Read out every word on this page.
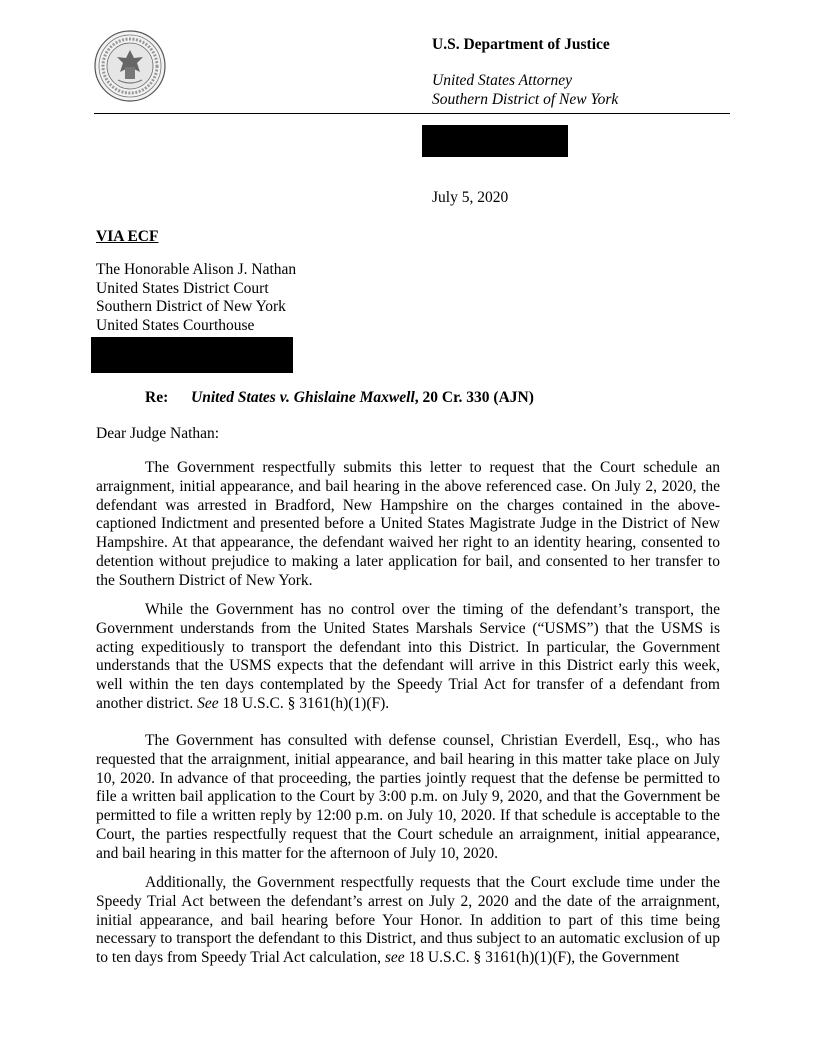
U.S. Department of Justice
United States Attorney
Southern District of New York
July 5, 2020
VIA ECF
The Honorable Alison J. Nathan
United States District Court
Southern District of New York
United States Courthouse
Re: United States v. Ghislaine Maxwell, 20 Cr. 330 (AJN)
Dear Judge Nathan:

The Government respectfully submits this letter to request that the Court schedule an arraignment, initial appearance, and bail hearing in the above referenced case. On July 2, 2020, the defendant was arrested in Bradford, New Hampshire on the charges contained in the above-captioned Indictment and presented before a United States Magistrate Judge in the District of New Hampshire. At that appearance, the defendant waived her right to an identity hearing, consented to detention without prejudice to making a later application for bail, and consented to her transfer to the Southern District of New York.

While the Government has no control over the timing of the defendant’s transport, the Government understands from the United States Marshals Service (“USMS”) that the USMS is acting expeditiously to transport the defendant into this District. In particular, the Government understands that the USMS expects that the defendant will arrive in this District early this week, well within the ten days contemplated by the Speedy Trial Act for transfer of a defendant from another district. See 18 U.S.C. § 3161(h)(1)(F).

The Government has consulted with defense counsel, Christian Everdell, Esq., who has requested that the arraignment, initial appearance, and bail hearing in this matter take place on July 10, 2020. In advance of that proceeding, the parties jointly request that the defense be permitted to file a written bail application to the Court by 3:00 p.m. on July 9, 2020, and that the Government be permitted to file a written reply by 12:00 p.m. on July 10, 2020. If that schedule is acceptable to the Court, the parties respectfully request that the Court schedule an arraignment, initial appearance, and bail hearing in this matter for the afternoon of July 10, 2020.

Additionally, the Government respectfully requests that the Court exclude time under the Speedy Trial Act between the defendant’s arrest on July 2, 2020 and the date of the arraignment, initial appearance, and bail hearing before Your Honor. In addition to part of this time being necessary to transport the defendant to this District, and thus subject to an automatic exclusion of up to ten days from Speedy Trial Act calculation, see 18 U.S.C. § 3161(h)(1)(F), the Government
